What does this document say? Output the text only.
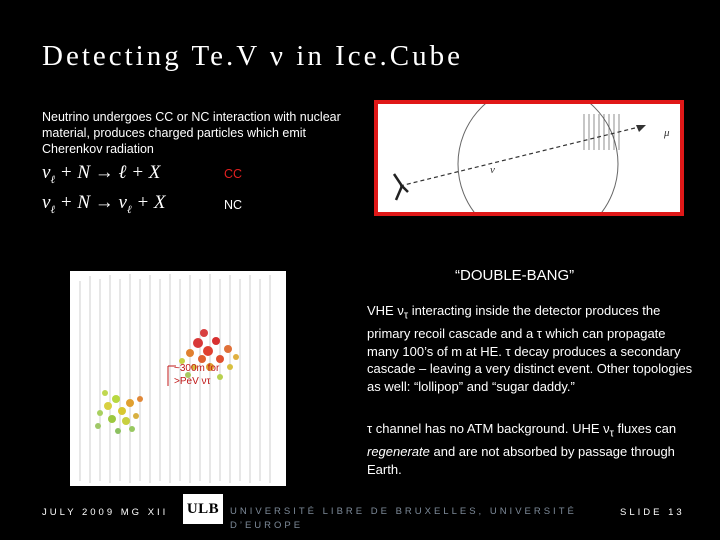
Detecting Te.V ν in Ice.Cube
Neutrino undergoes CC or NC interaction with nuclear material, produces charged particles which emit Cherenkov radiation
$\nu_\ell + N$ → ℓ + X	CC
$\nu_\ell + N \to \nu_\ell + X$	NC
μ
ν
~300m for
>PeV ντ
“DOUBLE-BANG”
VHE $\nu_\tau$ interacting inside the detector produces the primary recoil cascade and a τ which can propagate many 100’s of m at HE. τ decay produces a secondary cascade – leaving a very distinct event. Other topologies as well: “lollipop” and “sugar daddy.”
τ channel has no ATM background. UHE $\nu_\tau$ fluxes can regenerate and are not absorbed by passage through Earth.
JULY 2009 MG XII ULB	UNIVERSITÉ LIBRE DE BRUXELLES, UNIVERSITÉ D’EUROPE
SLIDE 13
